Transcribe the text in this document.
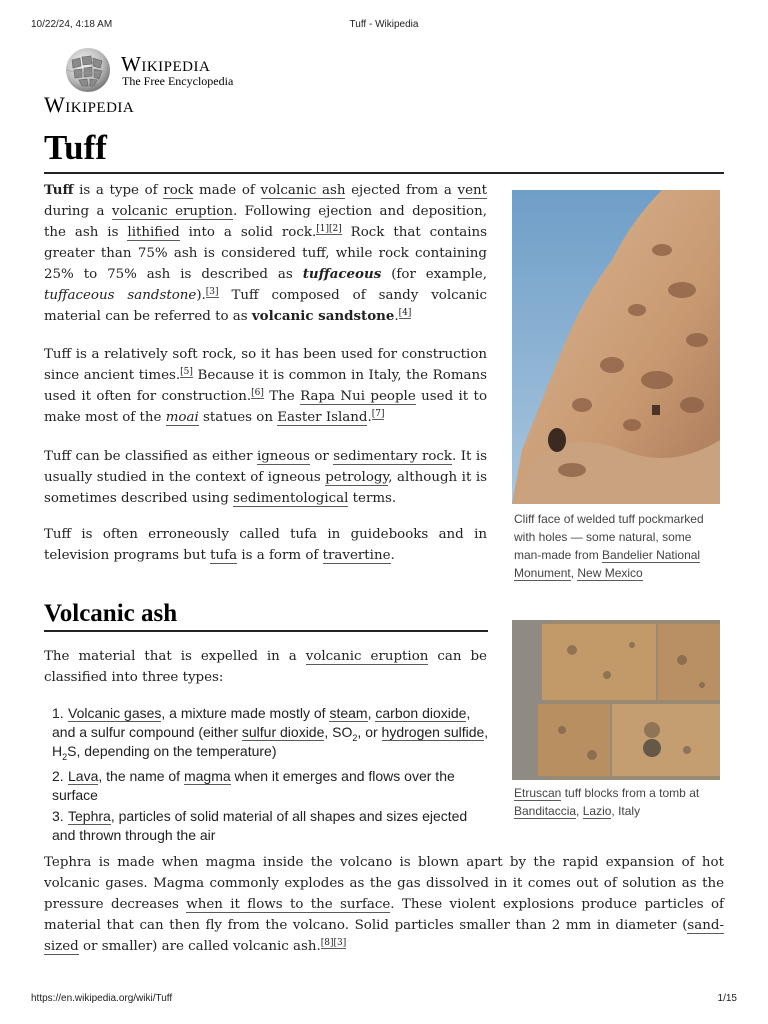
10/22/24, 4:18 AM	Tuff - Wikipedia
Wikipedia
The Free Encyclopedia
Wikipedia
Tuff

Tuff is a type of rock made of volcanic ash ejected from a vent during a volcanic eruption. Following ejection and deposition, the ash is lithified into a solid rock.[1][2] Rock that contains greater than 75% ash is considered tuff, while rock containing 25% to 75% ash is described as tuffaceous (for example, tuffaceous sandstone).[3] Tuff composed of sandy volcanic material can be referred to as volcanic sandstone.[4]

Tuff is a relatively soft rock, so it has been used for construction since ancient times.[5] Because it is common in Italy, the Romans used it often for construction.[6] The Rapa Nui people used it to make most of the moai statues on Easter Island.[7]

Tuff can be classified as either igneous or sedimentary rock. It is usually studied in the context of igneous petrology, although it is sometimes described using sedimentological terms.

Tuff is often erroneously called tufa in guidebooks and in television programs but tufa is a form of travertine.

Cliff face of welded tuff pockmarked with holes — some natural, some man-made from Bandelier National Monument, New Mexico

Volcanic ash

Etruscan tuff blocks from a tomb at Banditaccia, Lazio, Italy

The material that is expelled in a volcanic eruption can be classified into three types:

1. Volcanic gases, a mixture made mostly of steam, carbon dioxide, and a sulfur compound (either sulfur dioxide, $SO_2$, or hydrogen sulfide, $H_2S$, depending on the temperature)

2. Lava, the name of magma when it emerges and flows over the surface

3. Tephra, particles of solid material of all shapes and sizes ejected and thrown through the air

Tephra is made when magma inside the volcano is blown apart by the rapid expansion of hot volcanic gases. Magma commonly explodes as the gas dissolved in it comes out of solution as the pressure decreases when it flows to the surface. These violent explosions produce particles of material that can then fly from the volcano. Solid particles smaller than 2 mm in diameter (sand-sized or smaller) are called volcanic ash.[8][3]

https://en.wikipedia.org/wiki/Tuff	1/15
